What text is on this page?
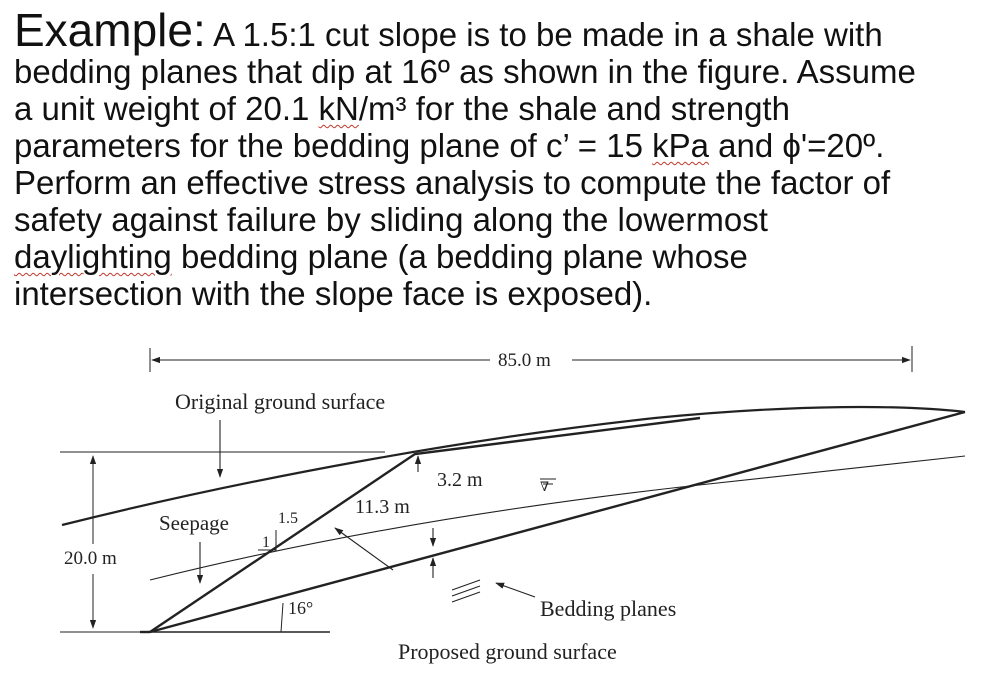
Example: A 1.5:1 cut slope is to be made in a shale with
bedding planes that dip at 16º as shown in the figure. Assume
a unit weight of 20.1 kN/m³ for the shale and strength
parameters for the bedding plane of c’ = 15 kPa and ϕ'=20º.
Perform an effective stress analysis to compute the factor of
safety against failure by sliding along the lowermost
daylighting bedding plane (a bedding plane whose
intersection with the slope face is exposed).
85.0 m
Original ground surface
20.0 m
Seepage	1.5
1
3.2 m
11.3 m
∇
16°	Bedding planes
Proposed ground surface
